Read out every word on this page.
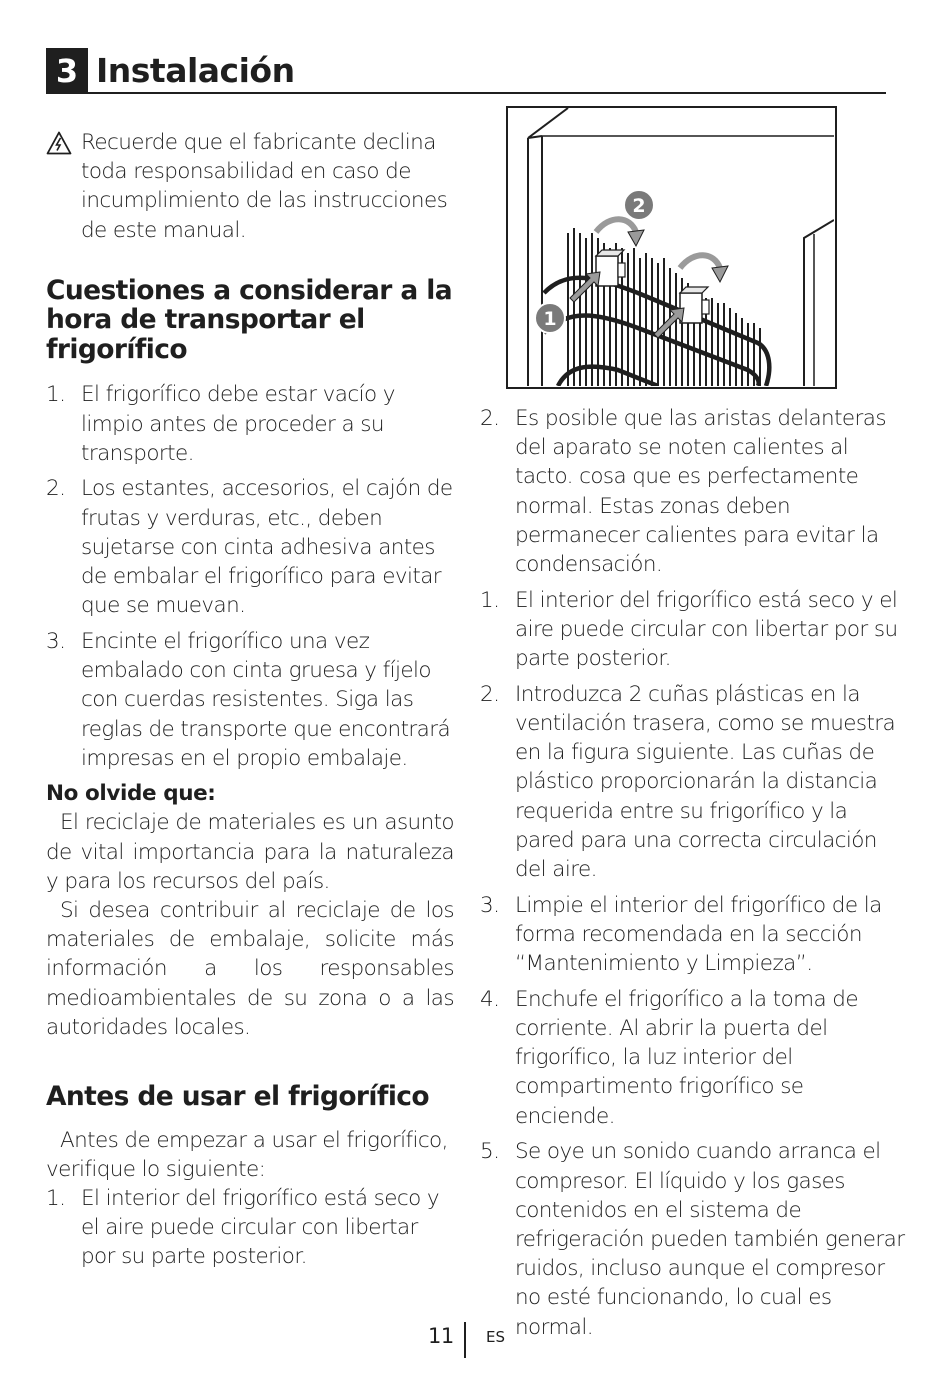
3 Instalación
Recuerde que el fabricante declina toda responsabilidad en caso de incumplimiento de las instrucciones de este manual.
Cuestiones a considerar a la hora de transportar el frigorífico
1. El frigorífico debe estar vacío y limpio antes de proceder a su transporte.
2. Los estantes, accesorios, el cajón de frutas y verduras, etc., deben sujetarse con cinta adhesiva antes de embalar el frigorífico para evitar que se muevan.
3. Encinte el frigorífico una vez embalado con cinta gruesa y fíjelo con cuerdas resistentes. Siga las reglas de transporte que encontrará impresas en el propio embalaje.
No olvide que:

El reciclaje de materiales es un asunto de vital importancia para la naturaleza y para los recursos del país.

Si desea contribuir al reciclaje de los materiales de embalaje, solicite más información a los responsables medioambientales de su zona o a las autoridades locales.

Antes de usar el frigorífico

Antes de empezar a usar el frigorífico, verifique lo siguiente:

1. El interior del frigorífico está seco y el aire puede circular con libertar por su parte posterior.
2
1
2. Es posible que las aristas delanteras del aparato se noten calientes al tacto. cosa que es perfectamente normal. Estas zonas deben permanecer calientes para evitar la condensación.
1. El interior del frigorífico está seco y el aire puede circular con libertar por su parte posterior.
2. Introduzca 2 cuñas plásticas en la ventilación trasera, como se muestra en la figura siguiente. Las cuñas de plástico proporcionarán la distancia requerida entre su frigorífico y la pared para una correcta circulación del aire.
3. Limpie el interior del frigorífico de la forma recomendada en la sección “Mantenimiento y Limpieza”.
4. Enchufe el frigorífico a la toma de corriente. Al abrir la puerta del frigorífico, la luz interior del compartimento frigorífico se enciende.
5. Se oye un sonido cuando arranca el compresor. El líquido y los gases contenidos en el sistema de refrigeración pueden también generar ruidos, incluso aunque el compresor no esté funcionando, lo cual es normal.
11 ES
